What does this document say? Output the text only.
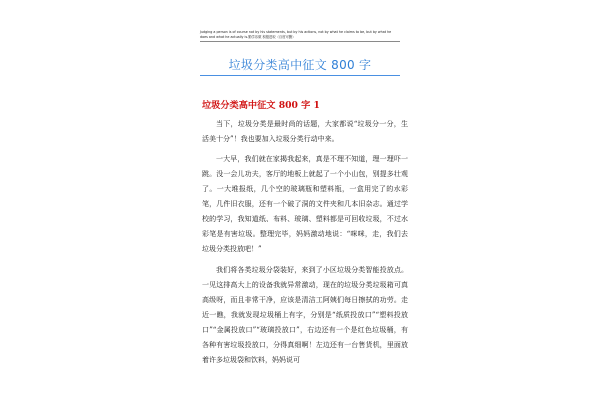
Judging a person is of course not by his statements, but by his actions, not by what he claims to be, but by what he does and what he actually is.勤学乐做 积极进取（百度可删）
垃圾分类高中征文 800 字
垃圾分类高中征文 800 字 1

当下，垃圾分类是最时尚的话题，大家都说“垃圾分一分，生活美十分”！我也要加入垃圾分类行动中来。

一大早，我们就在家揭我起来，真是不理不知道，理一理吓一跳。没一会儿功夫，客厅的地板上就起了一个小山包，别提多壮观了。一大堆报纸，几个空的玻璃瓶和塑料瓶，一盒用完了的水彩笔，几件旧衣服，还有一个破了洞的文件夹和几本旧杂志。通过学校的学习，我知道纸、布料、玻璃、塑料都是可回收垃圾，不过水彩笔是有害垃圾。整理完毕，妈妈激动地说：“咪咪，走，我们去垃圾分类投放吧！”

我们将各类垃圾分袋装好，来到了小区垃圾分类智能投放点。一见这排高大上的设备我就异常激动，现在的垃圾分类垃圾箱可真高级呀，而且非常干净，应该是清洁工阿姨们每日擦拭的功劳。走近一瞧，我就发现垃圾桶上有字，分别是“纸质投放口”“塑料投放口”“金属投放口”“玻璃投放口”，右边还有一个是红色垃圾桶，有各种有害垃圾投放口，分得真细啊！左边还有一台售货机，里面放着许多垃圾袋和饮料，妈妈说可
